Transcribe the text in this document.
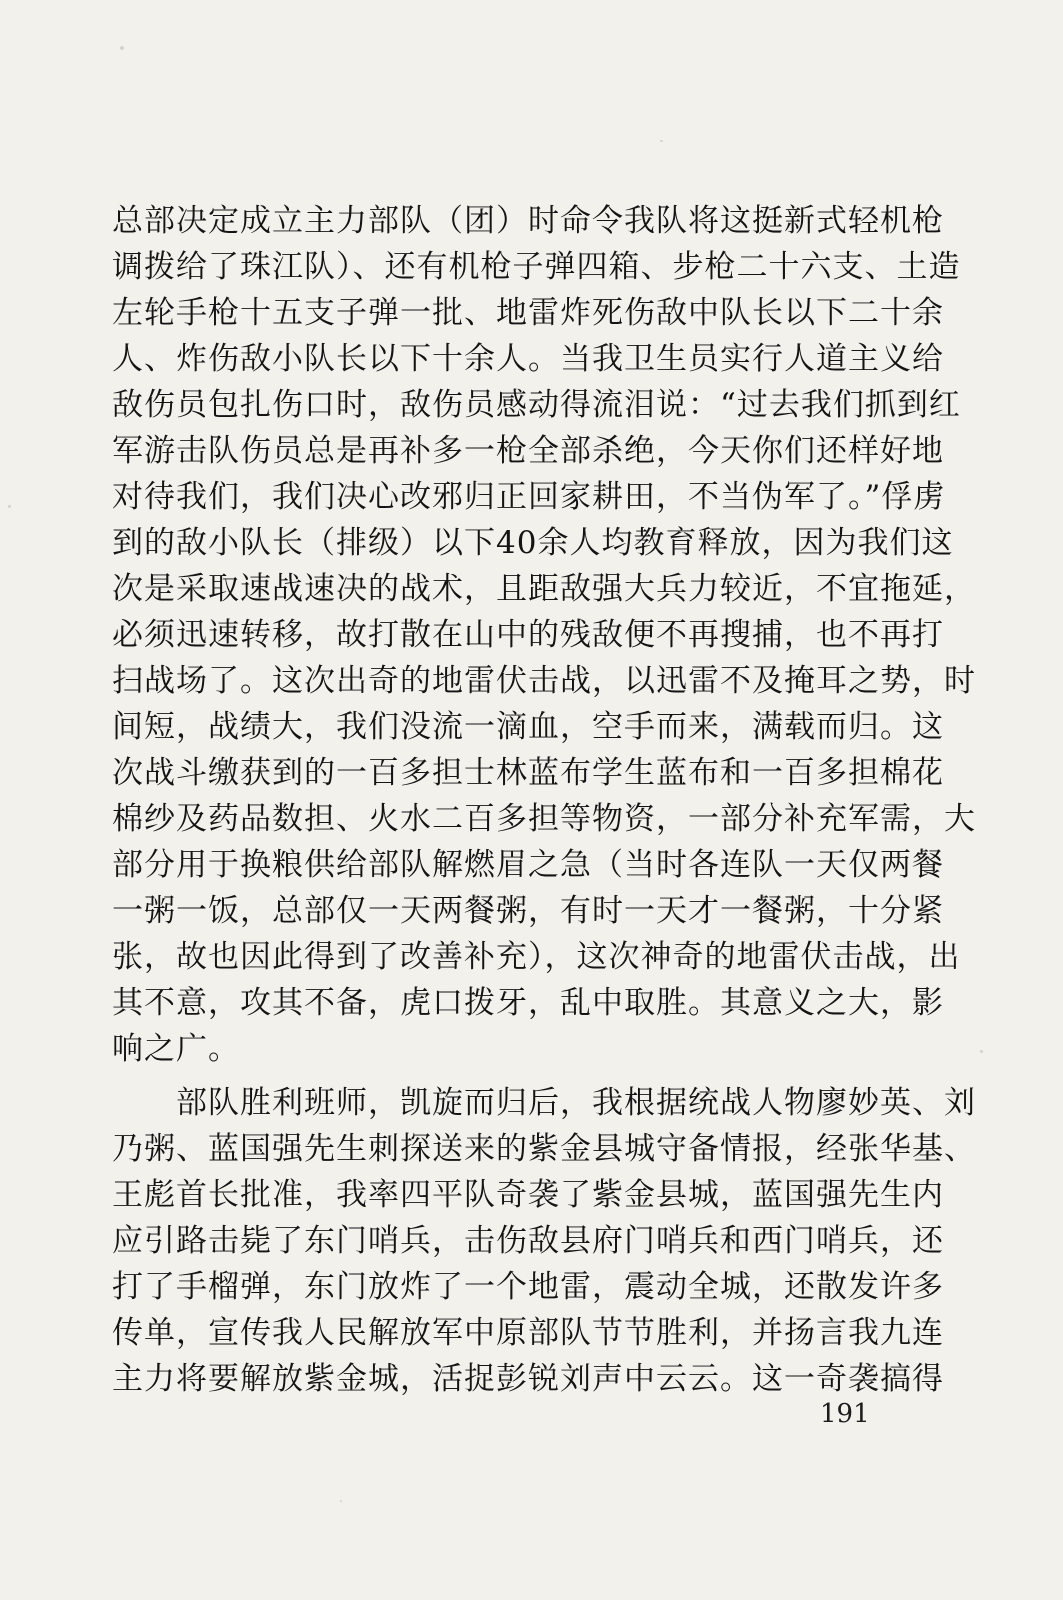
总部决定成立主力部队（团）时命令我队将这挺新式轻机枪
调拨给了珠江队）、还有机枪子弹四箱、步枪二十六支、土造
左轮手枪十五支子弹一批、地雷炸死伤敌中队长以下二十余
人、炸伤敌小队长以下十余人。当我卫生员实行人道主义给
敌伤员包扎伤口时，敌伤员感动得流泪说：“过去我们抓到红
军游击队伤员总是再补多一枪全部杀绝，今天你们还样好地
对待我们，我们决心改邪归正回家耕田，不当伪军了。”俘虏
到的敌小队长（排级）以下40余人均教育释放，因为我们这
次是采取速战速决的战术，且距敌强大兵力较近，不宜拖延，
必须迅速转移，故打散在山中的残敌便不再搜捕，也不再打
扫战场了。这次出奇的地雷伏击战，以迅雷不及掩耳之势，时
间短，战绩大，我们没流一滴血，空手而来，满载而归。这
次战斗缴获到的一百多担士林蓝布学生蓝布和一百多担棉花
棉纱及药品数担、火水二百多担等物资，一部分补充军需，大
部分用于换粮供给部队解燃眉之急（当时各连队一天仅两餐
一粥一饭，总部仅一天两餐粥，有时一天才一餐粥，十分紧
张，故也因此得到了改善补充），这次神奇的地雷伏击战，出
其不意，攻其不备，虎口拨牙，乱中取胜。其意义之大，影
响之广。
　　部队胜利班师，凯旋而归后，我根据统战人物廖妙英、刘
乃粥、蓝国强先生刺探送来的紫金县城守备情报，经张华基、
王彪首长批准，我率四平队奇袭了紫金县城，蓝国强先生内
应引路击毙了东门哨兵，击伤敌县府门哨兵和西门哨兵，还
打了手榴弹，东门放炸了一个地雷，震动全城，还散发许多
传单，宣传我人民解放军中原部队节节胜利，并扬言我九连
主力将要解放紫金城，活捉彭锐刘声中云云。这一奇袭搞得
191
